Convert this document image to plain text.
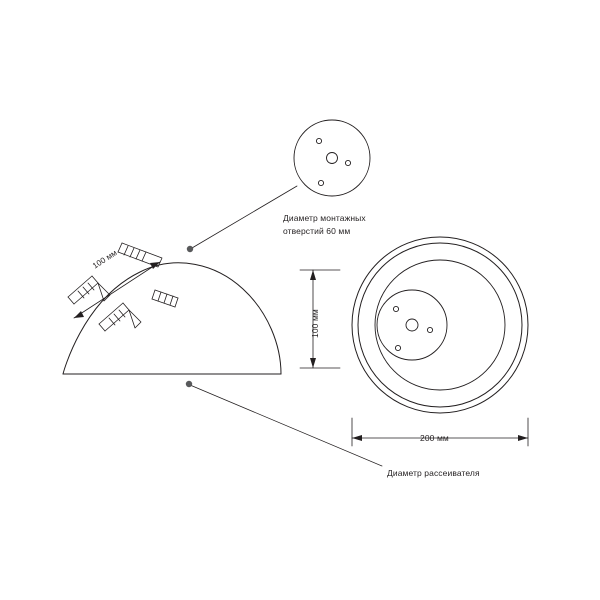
Диаметр монтажных
отверстий 60 мм
Диаметр рассеивателя
100 мм
100 мм
200 мм
